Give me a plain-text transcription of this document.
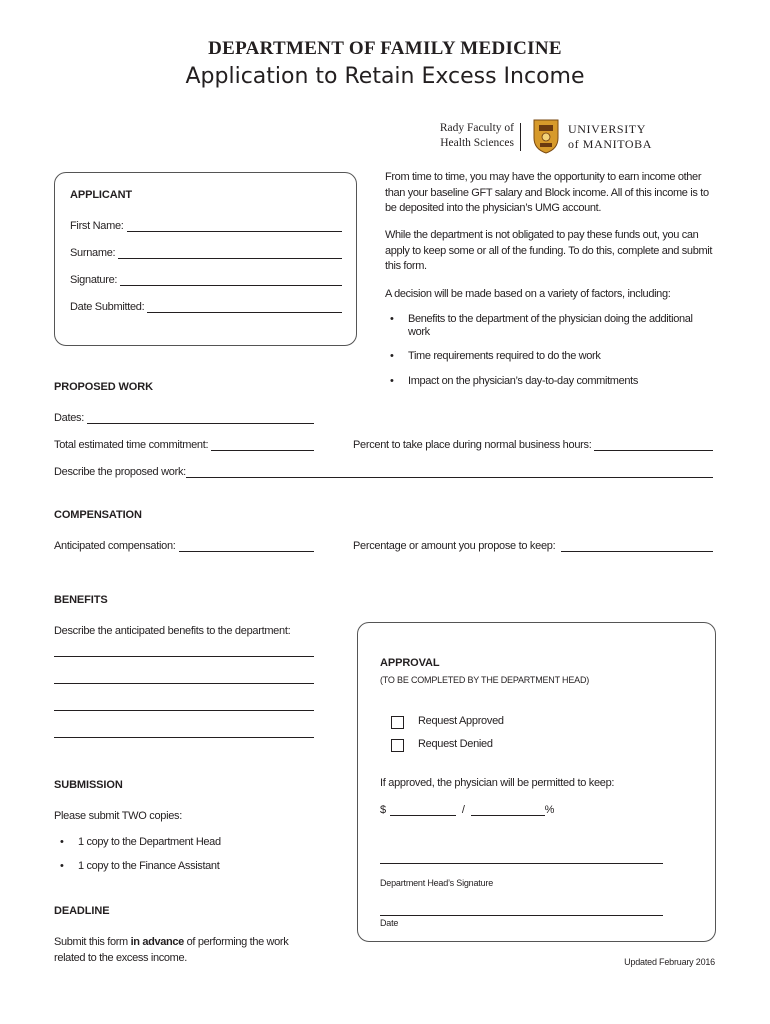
DEPARTMENT OF FAMILY MEDICINE
Application to Retain Excess Income
Rady Faculty of
Health Sciences
UNIVERSITY
of MANITOBA
APPLICANT
First Name:
Surname:
Signature:
Date Submitted:
From time to time, you may have the opportunity to earn income other than your baseline GFT salary and Block income. All of this income is to be deposited into the physician’s UMG account.
While the department is not obligated to pay these funds out, you can apply to keep some or all of the funding. To do this, complete and submit this form.
A decision will be made based on a variety of factors, including:
• Benefits to the department of the physician doing the additional work
• Time requirements required to do the work
• Impact on the physician’s day-to-day commitments
PROPOSED WORK
Dates:
Total estimated time commitment:	Percent to take place during normal business hours:
Describe the proposed work:
COMPENSATION
Anticipated compensation:	Percentage or amount you propose to keep:
BENEFITS
Describe the anticipated benefits to the department:
SUBMISSION
Please submit TWO copies:
• 1 copy to the Department Head
• 1 copy to the Finance Assistant
DEADLINE
Submit this form in advance of performing the work related to the excess income.
APPROVAL
(TO BE COMPLETED BY THE DEPARTMENT HEAD)
Request Approved
Request Denied
If approved, the physician will be permitted to keep:
$	/	%
Department Head’s Signature
Date
Updated February 2016
